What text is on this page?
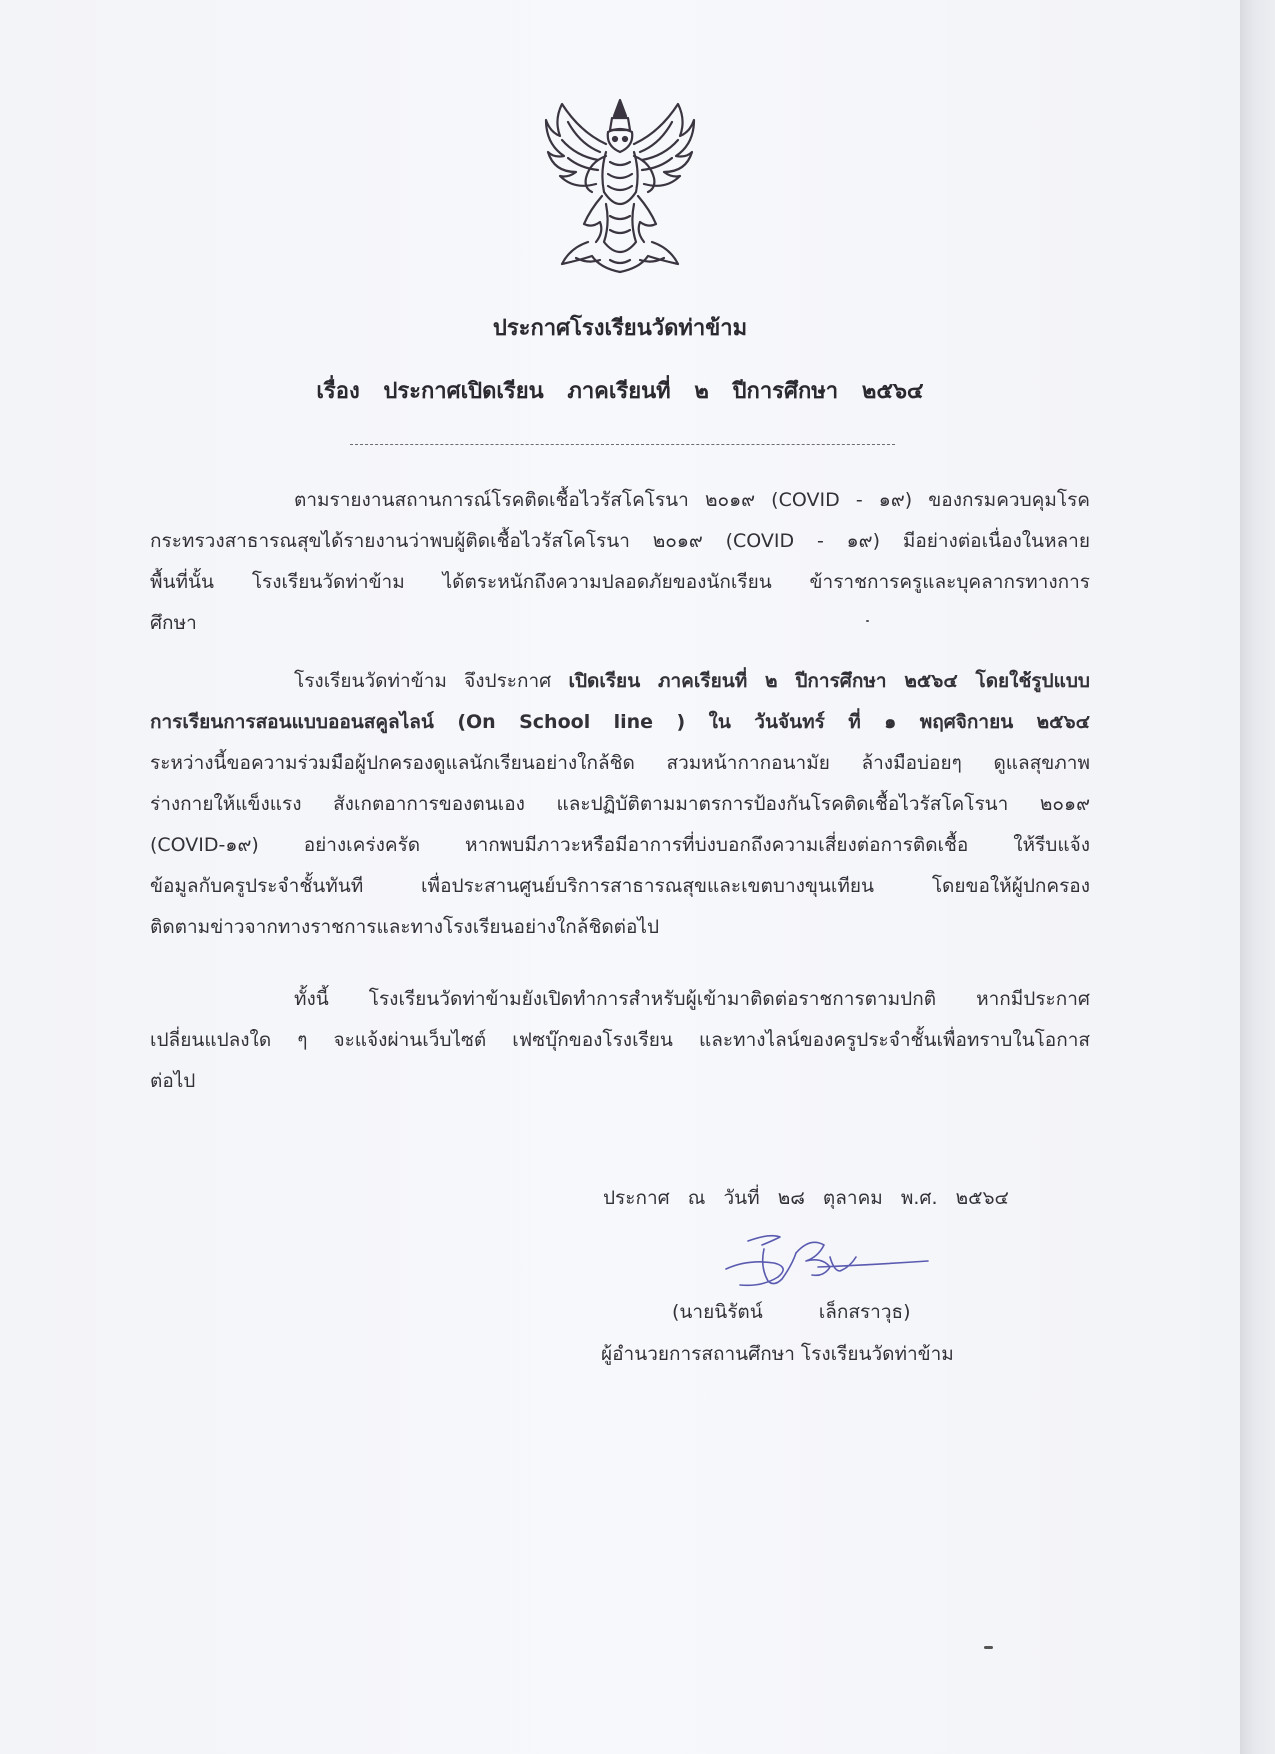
ประกาศโรงเรียนวัดท่าข้าม
เรื่อง ประกาศเปิดเรียน ภาคเรียนที่ ๒ ปีการศึกษา ๒๕๖๔
ตามรายงานสถานการณ์โรคติดเชื้อไวรัสโคโรนา ๒๐๑๙ (COVID - ๑๙) ของกรมควบคุมโรค
กระทรวงสาธารณสุขได้รายงานว่าพบผู้ติดเชื้อไวรัสโคโรนา ๒๐๑๙ (COVID - ๑๙) มีอย่างต่อเนื่องในหลาย
พื้นที่นั้น โรงเรียนวัดท่าข้าม ได้ตระหนักถึงความปลอดภัยของนักเรียน ข้าราชการครูและบุคลากรทางการ
ศึกษา
โรงเรียนวัดท่าข้าม จึงประกาศ เปิดเรียน ภาคเรียนที่ ๒ ปีการศึกษา ๒๕๖๔ โดยใช้รูปแบบ
การเรียนการสอนแบบออนสคูลไลน์ (On School line ) ใน วันจันทร์ ที่ ๑ พฤศจิกายน ๒๕๖๔
ระหว่างนี้ขอความร่วมมือผู้ปกครองดูแลนักเรียนอย่างใกล้ชิด สวมหน้ากากอนามัย ล้างมือบ่อยๆ ดูแลสุขภาพ
ร่างกายให้แข็งแรง สังเกตอาการของตนเอง และปฏิบัติตามมาตรการป้องกันโรคติดเชื้อไวรัสโคโรนา ๒๐๑๙
(COVID-๑๙) อย่างเคร่งครัด หากพบมีภาวะหรือมีอาการที่บ่งบอกถึงความเสี่ยงต่อการติดเชื้อ ให้รีบแจ้ง
ข้อมูลกับครูประจำชั้นทันที เพื่อประสานศูนย์บริการสาธารณสุขและเขตบางขุนเทียน โดยขอให้ผู้ปกครอง
ติดตามข่าวจากทางราชการและทางโรงเรียนอย่างใกล้ชิดต่อไป
ทั้งนี้ โรงเรียนวัดท่าข้ามยังเปิดทำการสำหรับผู้เข้ามาติดต่อราชการตามปกติ หากมีประกาศ
เปลี่ยนแปลงใด ๆ จะแจ้งผ่านเว็บไซต์ เฟซบุ๊กของโรงเรียน และทางไลน์ของครูประจำชั้นเพื่อทราบในโอกาส
ต่อไป
ประกาศ ณ วันที่ ๒๘ ตุลาคม พ.ศ. ๒๕๖๔
(นายนิรัตน์	เล็กสราวุธ)
ผู้อำนวยการสถานศึกษา โรงเรียนวัดท่าข้าม
